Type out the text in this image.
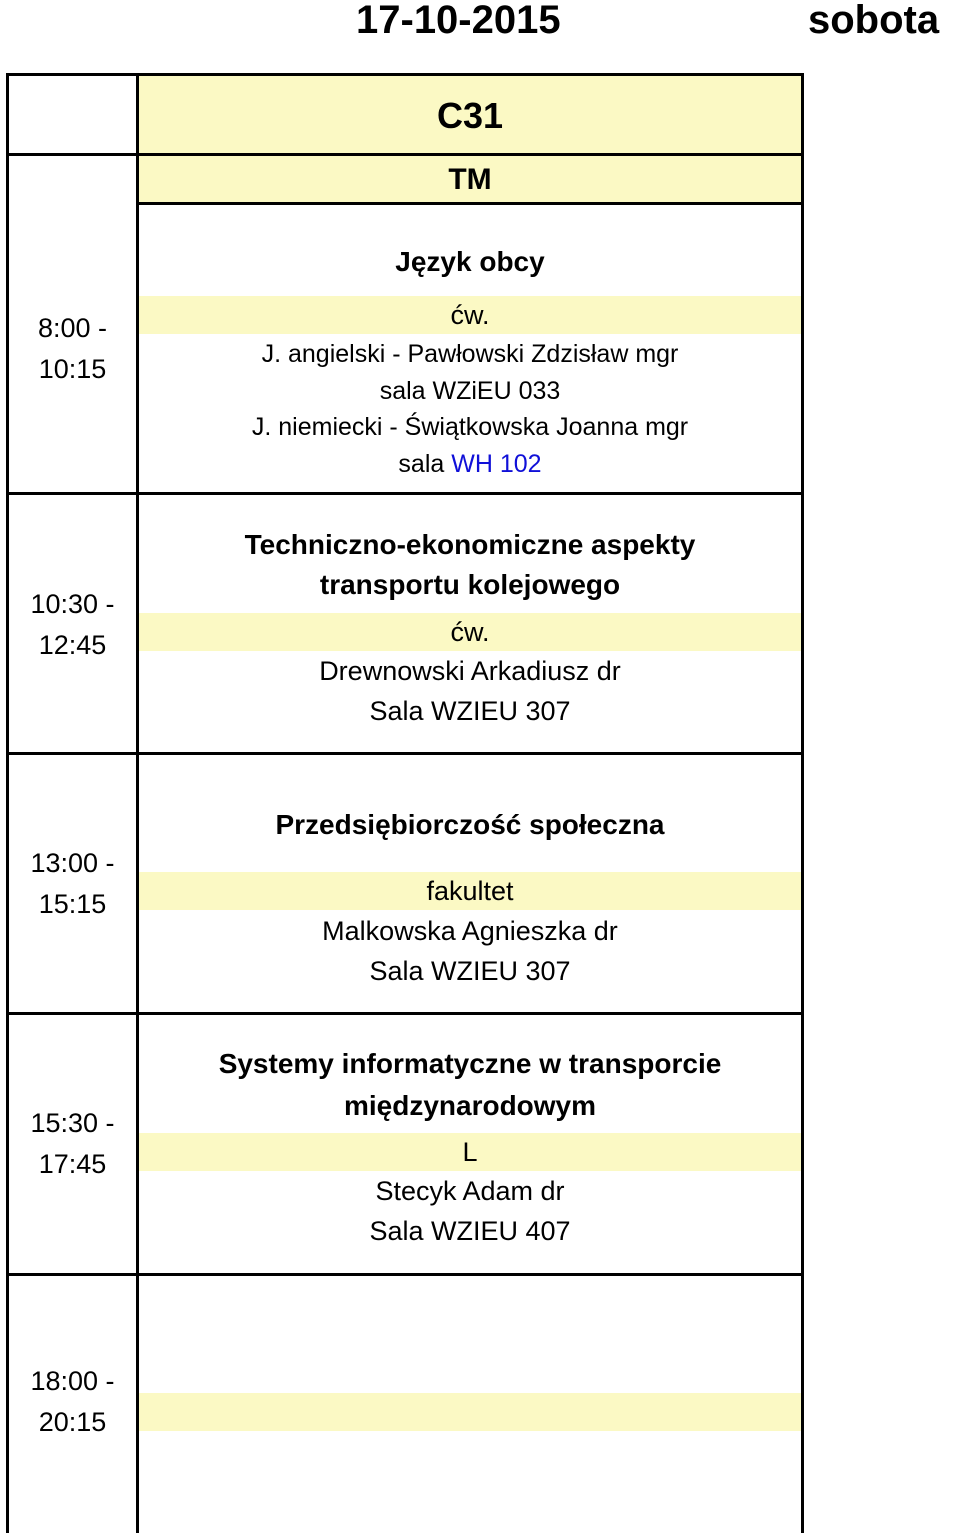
17-10-2015	sobota
C31
TM
8:00 -
10:15
Język obcy
ćw.
J. angielski - Pawłowski Zdzisław mgr
sala WZiEU 033
J. niemiecki - Świątkowska Joanna mgr
sala WH 102
10:30 -
12:45
Techniczno-ekonomiczne aspekty
transportu kolejowego
ćw.
Drewnowski Arkadiusz dr
Sala WZIEU 307
13:00 -
15:15
Przedsiębiorczość społeczna
fakultet
Malkowska Agnieszka dr
Sala WZIEU 307
15:30 -
17:45
Systemy informatyczne w transporcie
międzynarodowym
L
Stecyk Adam dr
Sala WZIEU 407
18:00 -
20:15
